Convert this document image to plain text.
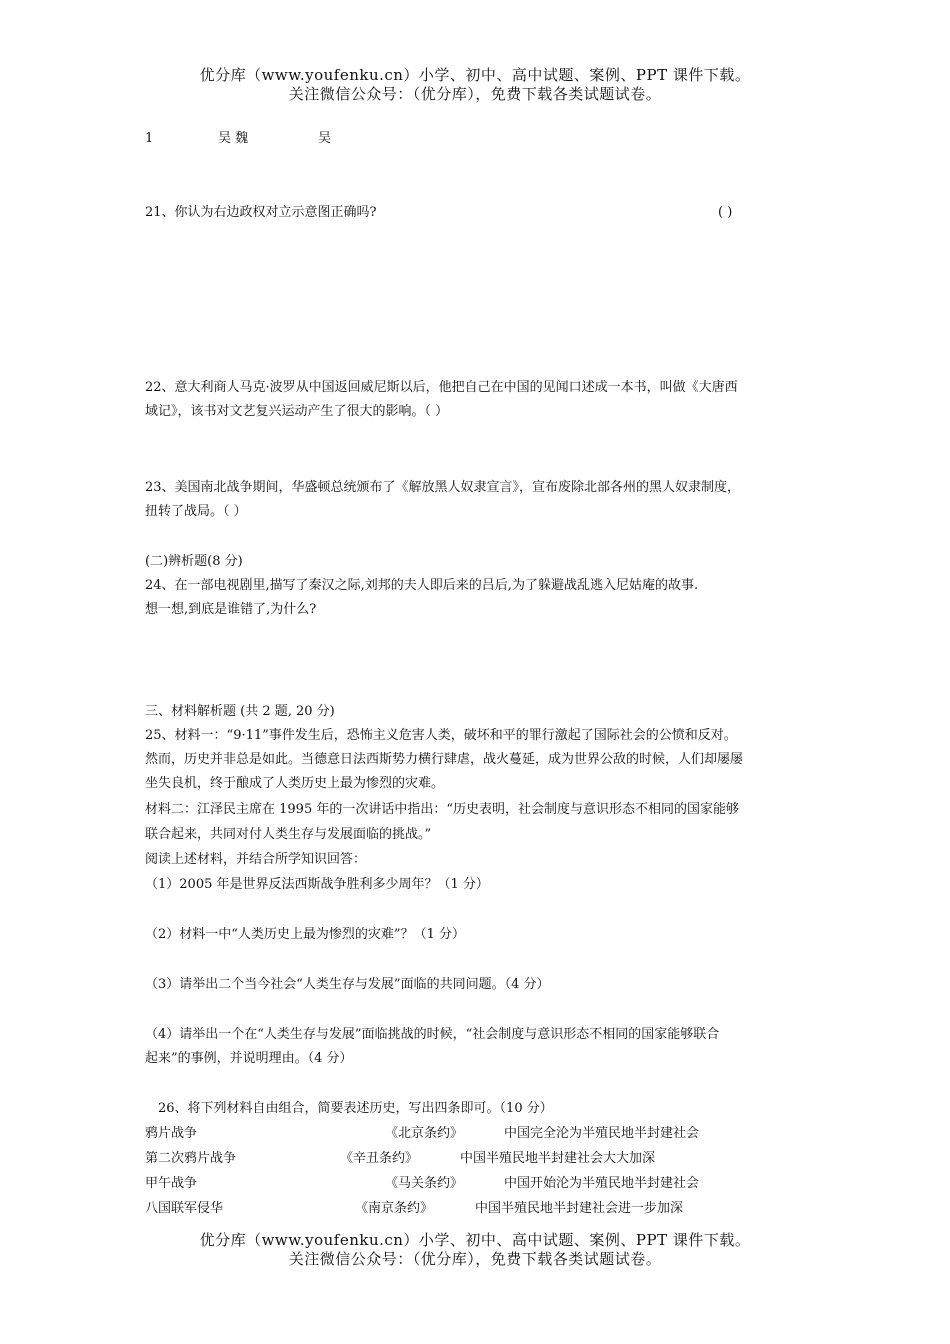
优分库（www.youfenku.cn）小学、初中、高中试题、案例、PPT 课件下载。
关注微信公众号：（优分库），免费下载各类试题试卷。
1	吴 魏	吴
21、你认为右边政权对立示意图正确吗?	( )
22、意大利商人马克·波罗从中国返回威尼斯以后，他把自己在中国的见闻口述成一本书，叫做《大唐西
域记》，该书对文艺复兴运动产生了很大的影响。（ ）
23、美国南北战争期间，华盛顿总统颁布了《解放黑人奴隶宣言》，宣布废除北部各州的黑人奴隶制度，
扭转了战局。（ ）
(二)辨析题(8 分)
24、在一部电视剧里,描写了秦汉之际,刘邦的夫人即后来的吕后,为了躲避战乱逃入尼姑庵的故事.
想一想,到底是谁错了,为什么?
三、材料解析题 (共 2 题, 20 分)
25、材料一：“9·11”事件发生后，恐怖主义危害人类，破坏和平的罪行激起了国际社会的公愤和反对。
然而，历史并非总是如此。当德意日法西斯势力横行肆虐，战火蔓延，成为世界公敌的时候，人们却屡屡
坐失良机，终于酿成了人类历史上最为惨烈的灾难。
材料二：江泽民主席在 1995 年的一次讲话中指出：“历史表明，社会制度与意识形态不相同的国家能够
联合起来，共同对付人类生存与发展面临的挑战。”
阅读上述材料，并结合所学知识回答：
（1）2005 年是世界反法西斯战争胜利多少周年？（1 分）
（2）材料一中“人类历史上最为惨烈的灾难”？（1 分）
（3）请举出二个当今社会“人类生存与发展”面临的共同问题。（4 分）
（4）请举出一个在“人类生存与发展”面临挑战的时候，“社会制度与意识形态不相同的国家能够联合
起来”的事例，并说明理由。（4 分）
26、将下列材料自由组合，简要表述历史，写出四条即可。（10 分）
鸦片战争	《北京条约》	中国完全沦为半殖民地半封建社会
第二次鸦片战争	《辛丑条约》	中国半殖民地半封建社会大大加深
甲午战争	《马关条约》	中国开始沦为半殖民地半封建社会
八国联军侵华	《南京条约》	中国半殖民地半封建社会进一步加深
优分库（www.youfenku.cn）小学、初中、高中试题、案例、PPT 课件下载。
关注微信公众号：（优分库），免费下载各类试题试卷。
